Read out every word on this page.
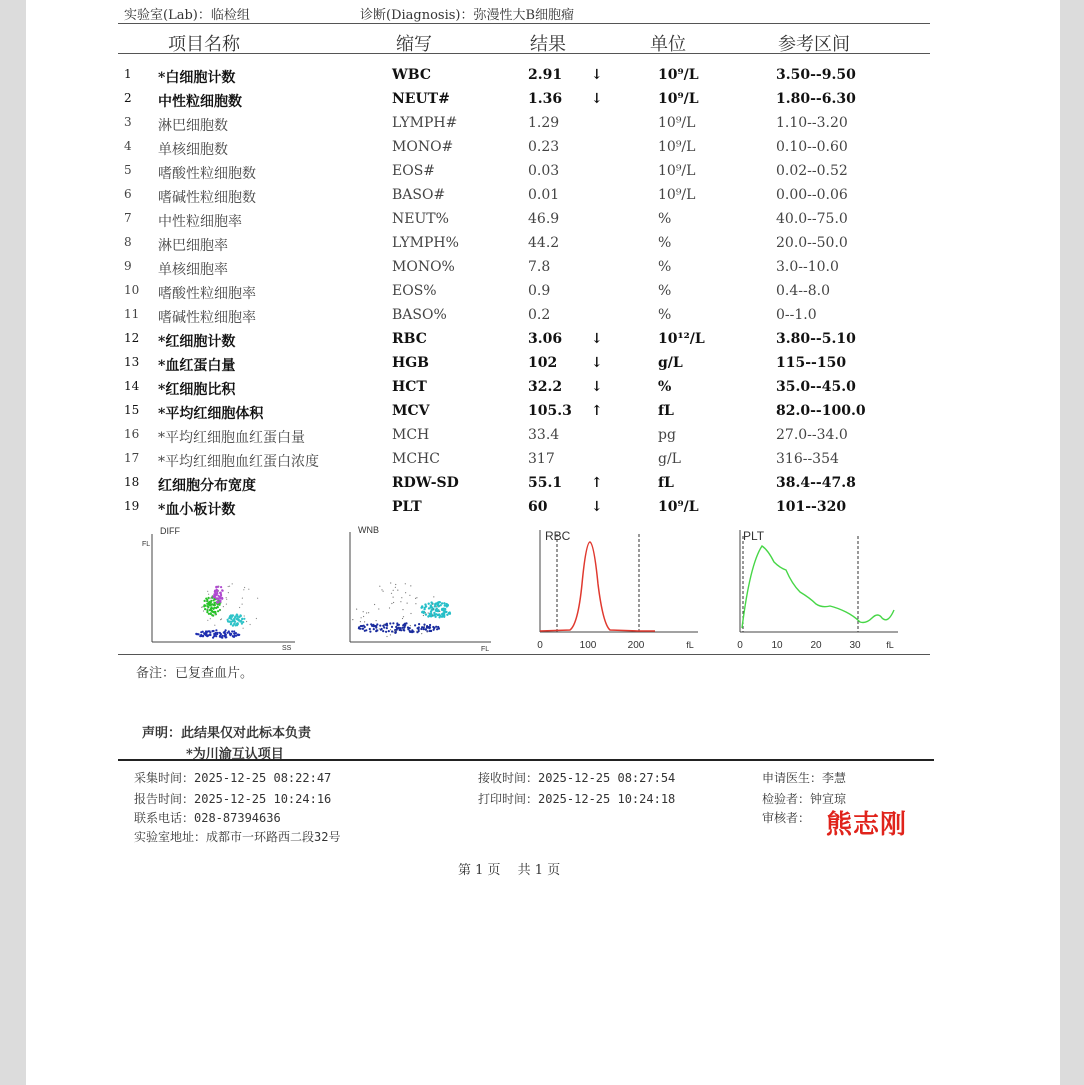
实验室(Lab)：临检组	诊断(Diagnosis)：弥漫性大B细胞瘤
项目名称	缩写	结果	单位	参考区间
1 *白细胞计数	WBC	2.91 ↓	10⁹/L	3.50--9.50
2 中性粒细胞数	NEUT#	1.36 ↓	10⁹/L	1.80--6.30
3 淋巴细胞数	LYMPH#	1.29	10⁹/L	1.10--3.20
4 单核细胞数	MONO#	0.23	10⁹/L	0.10--0.60
5 嗜酸性粒细胞数	EOS#	0.03	10⁹/L	0.02--0.52
6 嗜碱性粒细胞数	BASO#	0.01	10⁹/L	0.00--0.06
7 中性粒细胞率	NEUT%	46.9	%	40.0--75.0
8 淋巴细胞率	LYMPH%	44.2	%	20.0--50.0
9 单核细胞率	MONO%	7.8	%	3.0--10.0
10 嗜酸性粒细胞率	EOS%	0.9	%	0.4--8.0
11 嗜碱性粒细胞率	BASO%	0.2	%	0--1.0
12 *红细胞计数	RBC	3.06 ↓	10¹²/L	3.80--5.10
13 *血红蛋白量	HGB	102 ↓	g/L	115--150
14 *红细胞比积	HCT	32.2 ↓	%	35.0--45.0
15 *平均红细胞体积	MCV	105.3 ↑	fL	82.0--100.0
16 *平均红细胞血红蛋白量	MCH	33.4	pg	27.0--34.0
17 *平均红细胞血红蛋白浓度	MCHC	317	g/L	316--354
18 红细胞分布宽度	RDW-SD	55.1 ↑	fL	38.4--47.8
19 *血小板计数	PLT	60	↓	10⁹/L	101--320
DIFF
FL
SS
WNB
FL
RBC
0	100	200	fL
PLT
0	10	20	30	fL
备注：已复查血片。
声明：此结果仅对此标本负责
*为川渝互认项目
采集时间：2025-12-25 08:22:47	接收时间：2025-12-25 08:27:54	申请医生：李慧
报告时间：2025-12-25 10:24:16	打印时间：2025-12-25 10:24:18	检验者：钟宣琼
联系电话：028-87394636	审核者： 熊志刚
实验室地址：成都市一环路西二段32号
第 1 页　 共 1 页
